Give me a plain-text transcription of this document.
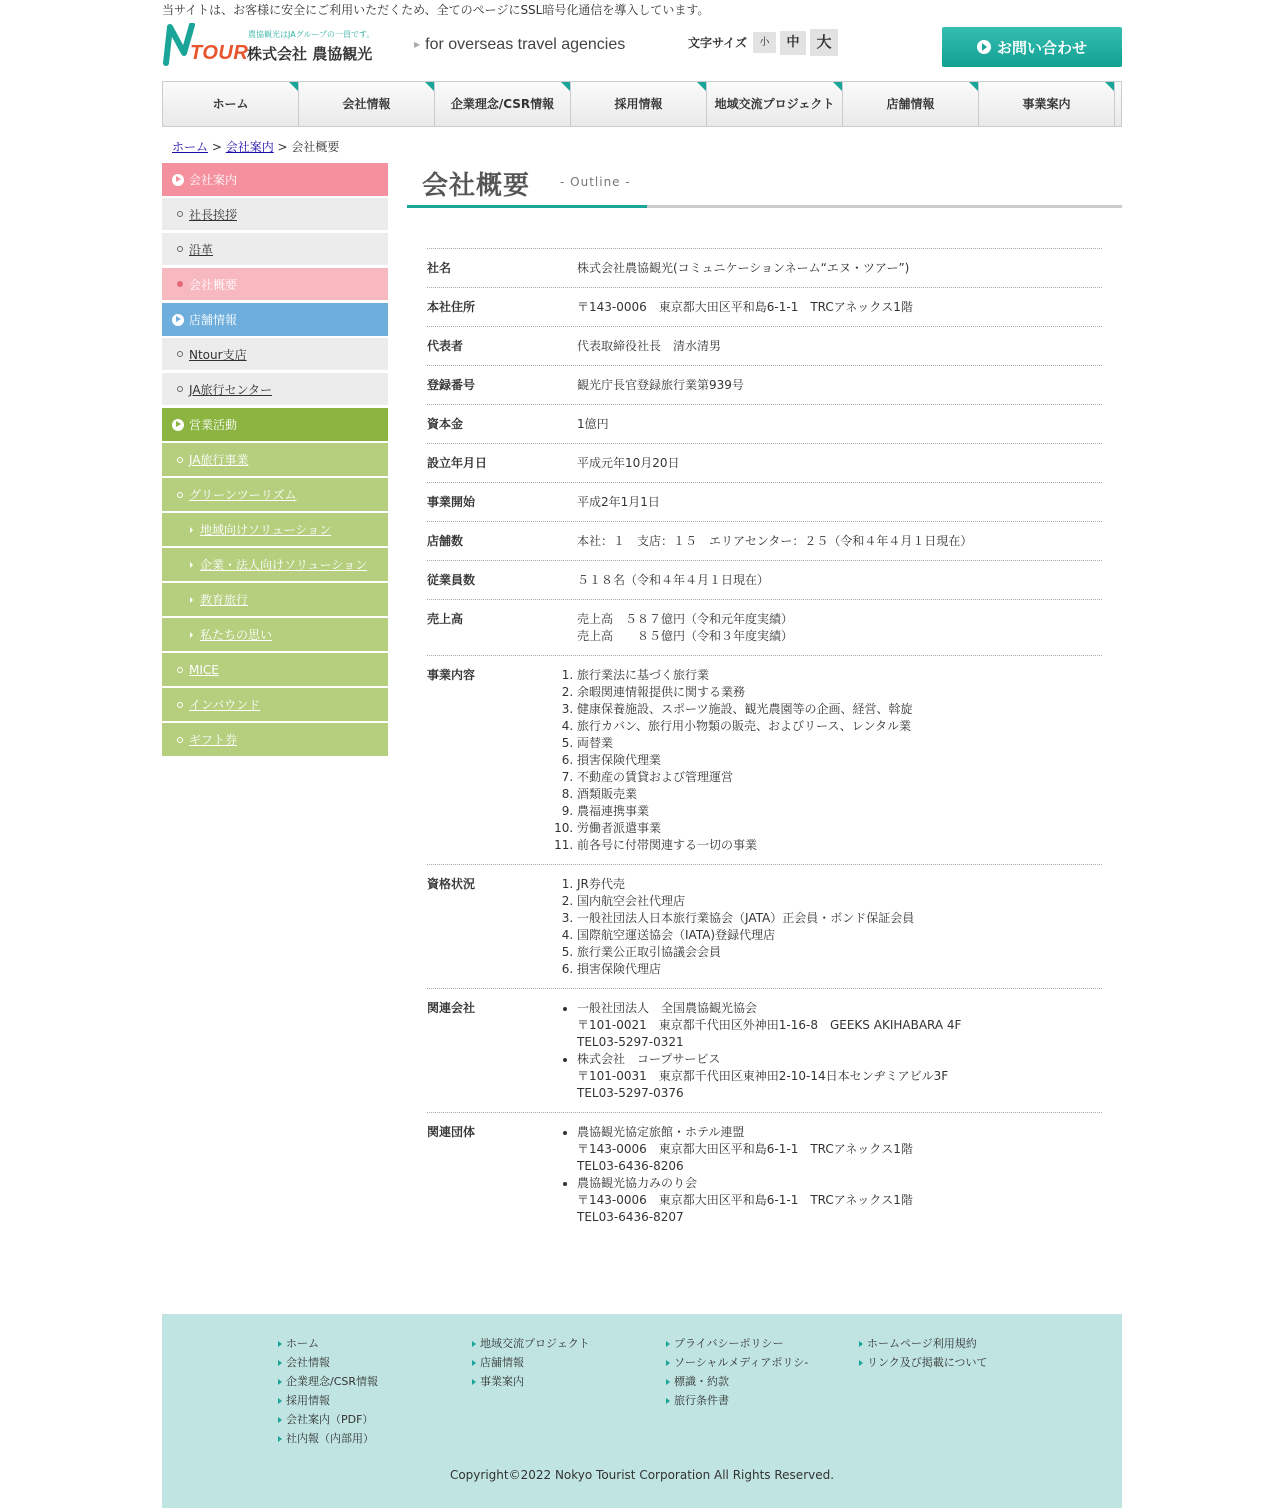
当サイトは、お客様に安全にご利用いただくため、全てのページにSSL暗号化通信を導入しています。
農協観光はJAグループの一員です。
TOUR
株式会社 農協観光
▶ for overseas travel agencies	文字サイズ	小	中	大	お問い合わせ
ホーム	会社情報	企業理念/CSR情報	採用情報	地域交流プロジェクト	店舗情報	事業案内
ホーム > 会社案内 > 会社概要
会社案内
社長挨拶
沿革
会社概要
店舗情報
Ntour支店
JA旅行センター
営業活動
JA旅行事業
グリーンツーリズム
地域向けソリューション
企業・法人向けソリューション
教育旅行
私たちの思い
MICE
インバウンド
ギフト券
会社概要 - Outline -
社名	株式会社農協観光(コミュニケーションネーム“エヌ・ツアー”)
本社住所	〒143-0006　東京都大田区平和島6-1-1　TRCアネックス1階
代表者	代表取締役社長　清水清男
登録番号	観光庁長官登録旅行業第939号
資本金	1億円
設立年月日	平成元年10月20日
事業開始	平成2年1月1日
店舗数	本社：１　支店：１５　エリアセンター：２５（令和４年４月１日現在）
従業員数	５１８名（令和４年４月１日現在）
売上高	売上高　５８７億円（令和元年度実績）
売上高　　８５億円（令和３年度実績）
事業内容	1. 旅行業法に基づく旅行業
2. 余暇関連情報提供に関する業務
3. 健康保養施設、スポーツ施設、観光農園等の企画、経営、斡旋
4. 旅行カバン、旅行用小物類の販売、およびリース、レンタル業
5. 両替業
6. 損害保険代理業
7. 不動産の賃貸および管理運営
8. 酒類販売業
9. 農福連携事業
10. 労働者派遣事業
11. 前各号に付帯関連する一切の事業
資格状況	1. JR券代売
2. 国内航空会社代理店
3. 一般社団法人日本旅行業協会（JATA）正会員・ボンド保証会員
4. 国際航空運送協会（IATA)登録代理店
5. 旅行業公正取引協議会会員
6. 損害保険代理店
関連会社	• 一般社団法人　全国農協観光協会
〒101-0021　東京都千代田区外神田1-16-8　GEEKS AKIHABARA 4F
TEL03-5297-0321
• 株式会社　コープサービス
〒101-0031　東京都千代田区東神田2-10-14日本センヂミアビル3F
TEL03-5297-0376
関連団体	• 農協観光協定旅館・ホテル連盟
〒143-0006　東京都大田区平和島6-1-1　TRCアネックス1階
TEL03-6436-8206
• 農協観光協力みのり会
〒143-0006　東京都大田区平和島6-1-1　TRCアネックス1階
TEL03-6436-8207
ホーム
会社情報
企業理念/CSR情報
採用情報
会社案内（PDF）
社内報（内部用）
地域交流プロジェクト
店舗情報
事業案内
プライバシーポリシー
ソーシャルメディアポリシ-
標識・約款
旅行条件書
ホームページ利用規約
リンク及び掲載について
Copyright©2022 Nokyo Tourist Corporation All Rights Reserved.
